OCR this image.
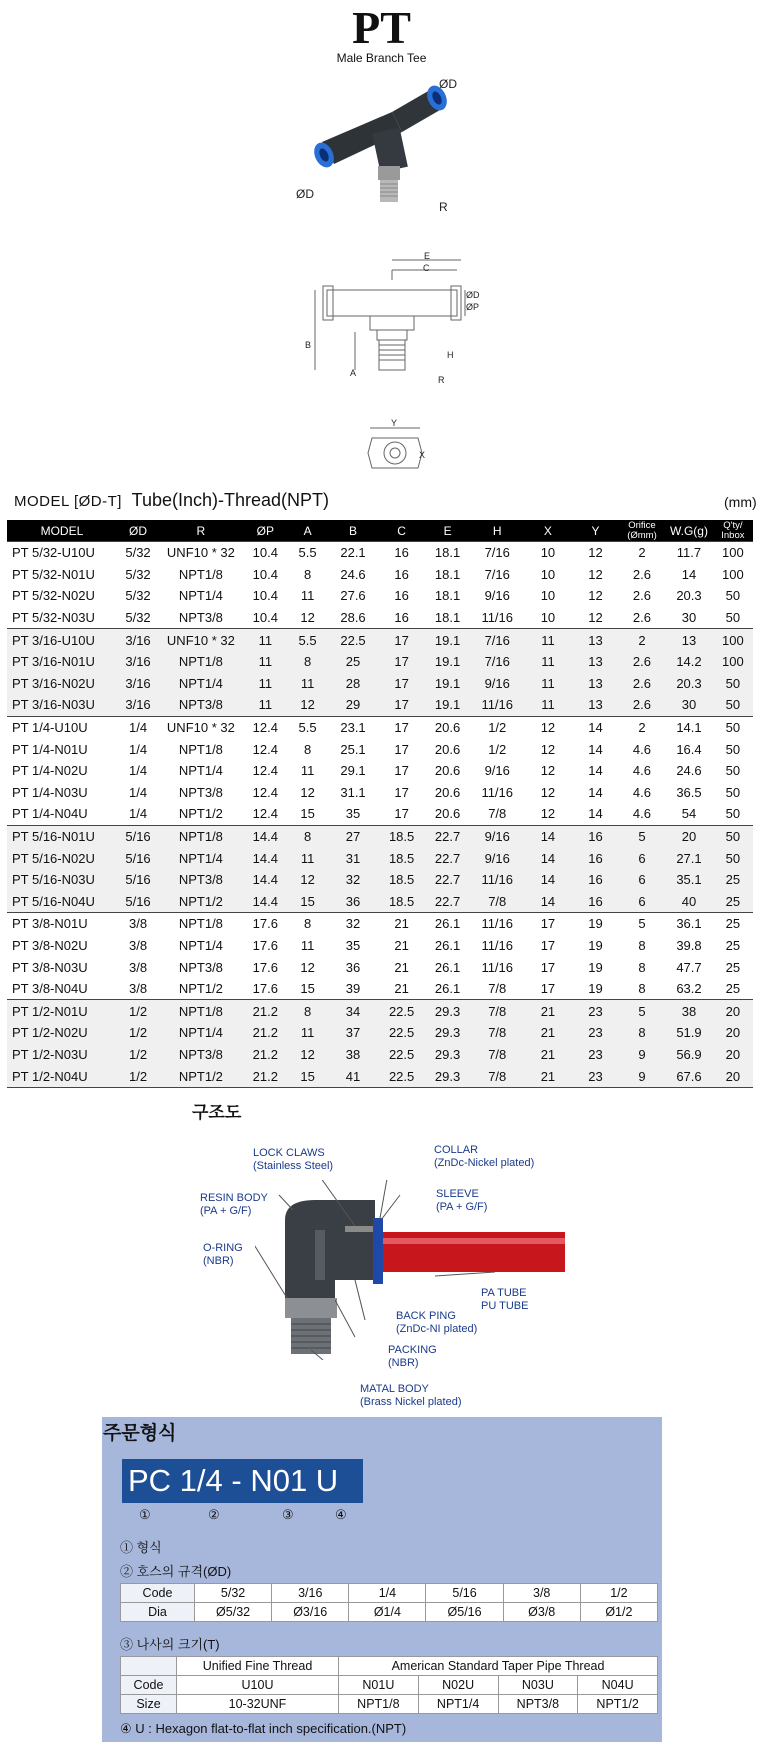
PT
Male Branch Tee
ØD
ØD
R
E
C
ØD
ØP
B
H
A
R
Y
X
MODEL [ØD-T] Tube(Inch)-Thread(NPT)	(mm)
MODEL	ØD	R	ØP	A	B	C	E	H	X	Y	Orifice
(Ømm)	W.G(g)	Q'ty/
Inbox

PT 5/32-U10U	5/32	UNF10 * 32	10.4	5.5	22.1	16	18.1	7/16	10	12	2	11.7	100
PT 5/32-N01U	5/32	NPT1/8	10.4	8	24.6	16	18.1	7/16	10	12	2.6	14	100
PT 5/32-N02U	5/32	NPT1/4	10.4	11	27.6	16	18.1	9/16	10	12	2.6	20.3	50
PT 5/32-N03U	5/32	NPT3/8	10.4	12	28.6	16	18.1	11/16	10	12	2.6	30	50
PT 3/16-U10U	3/16	UNF10 * 32	11	5.5	22.5	17	19.1	7/16	11	13	2	13	100
PT 3/16-N01U	3/16	NPT1/8	11	8	25	17	19.1	7/16	11	13	2.6	14.2	100
PT 3/16-N02U	3/16	NPT1/4	11	11	28	17	19.1	9/16	11	13	2.6	20.3	50
PT 3/16-N03U	3/16	NPT3/8	11	12	29	17	19.1	11/16	11	13	2.6	30	50
PT 1/4-U10U	1/4	UNF10 * 32	12.4	5.5	23.1	17	20.6	1/2	12	14	2	14.1	50
PT 1/4-N01U	1/4	NPT1/8	12.4	8	25.1	17	20.6	1/2	12	14	4.6	16.4	50
PT 1/4-N02U	1/4	NPT1/4	12.4	11	29.1	17	20.6	9/16	12	14	4.6	24.6	50
PT 1/4-N03U	1/4	NPT3/8	12.4	12	31.1	17	20.6	11/16	12	14	4.6	36.5	50
PT 1/4-N04U	1/4	NPT1/2	12.4	15	35	17	20.6	7/8	12	14	4.6	54	50
PT 5/16-N01U	5/16	NPT1/8	14.4	8	27	18.5	22.7	9/16	14	16	5	20	50
PT 5/16-N02U	5/16	NPT1/4	14.4	11	31	18.5	22.7	9/16	14	16	6	27.1	50
PT 5/16-N03U	5/16	NPT3/8	14.4	12	32	18.5	22.7	11/16	14	16	6	35.1	25
PT 5/16-N04U	5/16	NPT1/2	14.4	15	36	18.5	22.7	7/8	14	16	6	40	25
PT 3/8-N01U	3/8	NPT1/8	17.6	8	32	21	26.1	11/16	17	19	5	36.1	25
PT 3/8-N02U	3/8	NPT1/4	17.6	11	35	21	26.1	11/16	17	19	8	39.8	25
PT 3/8-N03U	3/8	NPT3/8	17.6	12	36	21	26.1	11/16	17	19	8	47.7	25
PT 3/8-N04U	3/8	NPT1/2	17.6	15	39	21	26.1	7/8	17	19	8	63.2	25
PT 1/2-N01U	1/2	NPT1/8	21.2	8	34	22.5	29.3	7/8	21	23	5	38	20
PT 1/2-N02U	1/2	NPT1/4	21.2	11	37	22.5	29.3	7/8	21	23	8	51.9	20
PT 1/2-N03U	1/2	NPT3/8	21.2	12	38	22.5	29.3	7/8	21	23	9	56.9	20
PT 1/2-N04U	1/2	NPT1/2	21.2	15	41	22.5	29.3	7/8	21	23	9	67.6	20
구조도
LOCK CLAWS
(Stainless Steel)
COLLAR
(ZnDc-Nickel plated)
RESIN BODY
(PA + G/F)
SLEEVE
(PA + G/F)
O-RING
(NBR)
PA TUBE
PU TUBE
BACK PING
(ZnDc-NI plated)
PACKING
(NBR)
MATAL BODY
(Brass Nickel plated)
주문형식
PC 1/4 - N01 U
①	②	③	④
① 형식
② 호스의 규격(ØD)
Code	5/32	3/16	1/4	5/16	3/8	1/2
Dia	Ø5/32	Ø3/16	Ø1/4	Ø5/16	Ø3/8	Ø1/2
③ 나사의 크기(T)
	Unified Fine Thread	American Standard Taper Pipe Thread			
Code	U10U	N01U	N02U	N03U	N04U
Size	10-32UNF	NPT1/8	NPT1/4	NPT3/8	NPT1/2
④ U : Hexagon flat-to-flat inch specification.(NPT)
